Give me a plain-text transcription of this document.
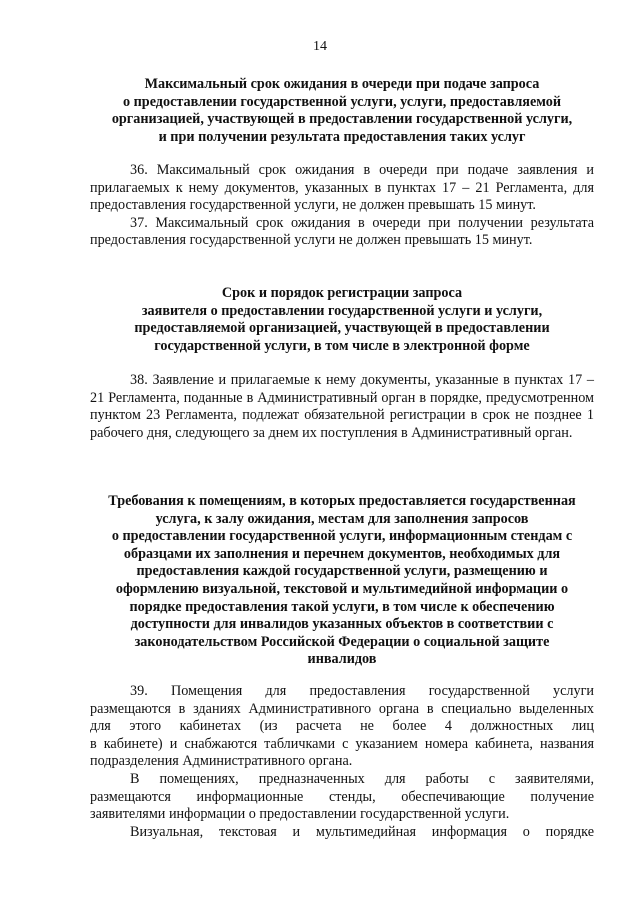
14
Максимальный срок ожидания в очереди при подаче запроса
о предоставлении государственной услуги, услуги, предоставляемой
организацией, участвующей в предоставлении государственной услуги,
и при получении результата предоставления таких услуг

36. Максимальный срок ожидания в очереди при подаче заявления и прилагаемых к нему документов, указанных в пунктах 17 – 21 Регламента, для предоставления государственной услуги, не должен превышать 15 минут.

37. Максимальный срок ожидания в очереди при получении результата предоставления государственной услуги не должен превышать 15 минут.

Срок и порядок регистрации запроса
заявителя о предоставлении государственной услуги и услуги,
предоставляемой организацией, участвующей в предоставлении
государственной услуги, в том числе в электронной форме

38. Заявление и прилагаемые к нему документы, указанные в пунктах 17 – 21 Регламента, поданные в Административный орган в порядке, предусмотренном пунктом 23 Регламента, подлежат обязательной регистрации в срок не позднее 1 рабочего дня, следующего за днем их поступления в Административный орган.

Требования к помещениям, в которых предоставляется государственная
услуга, к залу ожидания, местам для заполнения запросов
о предоставлении государственной услуги, информационным стендам с
образцами их заполнения и перечнем документов, необходимых для
предоставления каждой государственной услуги, размещению и
оформлению визуальной, текстовой и мультимедийной информации о
порядке предоставления такой услуги, в том числе к обеспечению
доступности для инвалидов указанных объектов в соответствии с
законодательством Российской Федерации о социальной защите
инвалидов
39. Помещения для предоставления государственной услуги
размещаются в зданиях Административного органа в специально выделенных
для этого кабинетах (из расчета не более 4 должностных лиц
в кабинете) и снабжаются табличками с указанием номера кабинета, названия
подразделения Административного органа.
В помещениях, предназначенных для работы с заявителями,
размещаются информационные стенды, обеспечивающие получение
заявителями информации о предоставлении государственной услуги.
Визуальная, текстовая и мультимедийная информация о порядке
